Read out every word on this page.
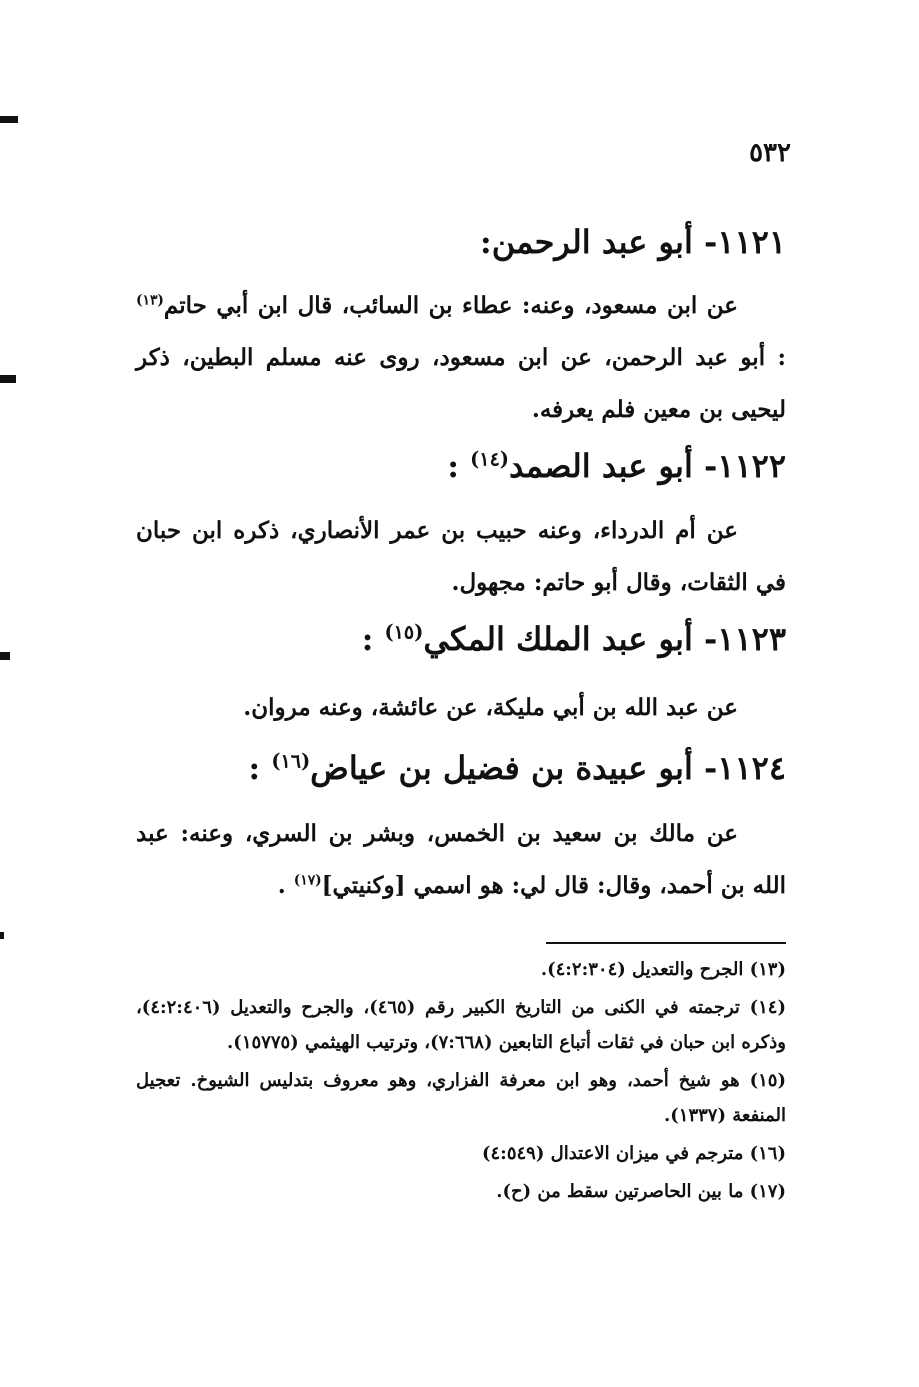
٥٣٢
١١٢١- أبو عبد الرحمن:

عن ابن مسعود، وعنه: عطاء بن السائب، قال ابن أبي حاتم$^{(١٣)}$ : أبو عبد الرحمن، عن ابن مسعود، روى عنه مسلم البطين، ذكر ليحيى بن معين فلم يعرفه.

١١٢٢- أبو عبد الصمد$^{(١٤)}$ :

عن أم الدرداء، وعنه حبيب بن عمر الأنصاري، ذكره ابن حبان في الثقات، وقال أبو حاتم: مجهول.

١١٢٣- أبو عبد الملك المكي$^{(١٥)}$ :

عن عبد الله بن أبي مليكة، عن عائشة، وعنه مروان.

١١٢٤- أبو عبيدة بن فضيل بن عياض$^{(١٦)}$ :

عن مالك بن سعيد بن الخمس، وبشر بن السري، وعنه: عبد الله بن أحمد، وقال: قال لي: هو اسمي [وكنيتي]$^{(١٧)}$ .

(١٣) الجرح والتعديل (٤:٢:٣٠٤).

(١٤) ترجمته في الكنى من التاريخ الكبير رقم (٤٦٥)، والجرح والتعديل (٤:٢:٤٠٦)، وذكره ابن حبان في ثقات أتباع التابعين (٧:٦٦٨)، وترتيب الهيثمي (١٥٧٧٥).

(١٥) هو شيخ أحمد، وهو ابن معرفة الفزاري، وهو معروف بتدليس الشيوخ. تعجيل المنفعة (١٣٣٧).

(١٦) مترجم في ميزان الاعتدال (٤:٥٤٩)

(١٧) ما بين الحاصرتين سقط من (ح).
